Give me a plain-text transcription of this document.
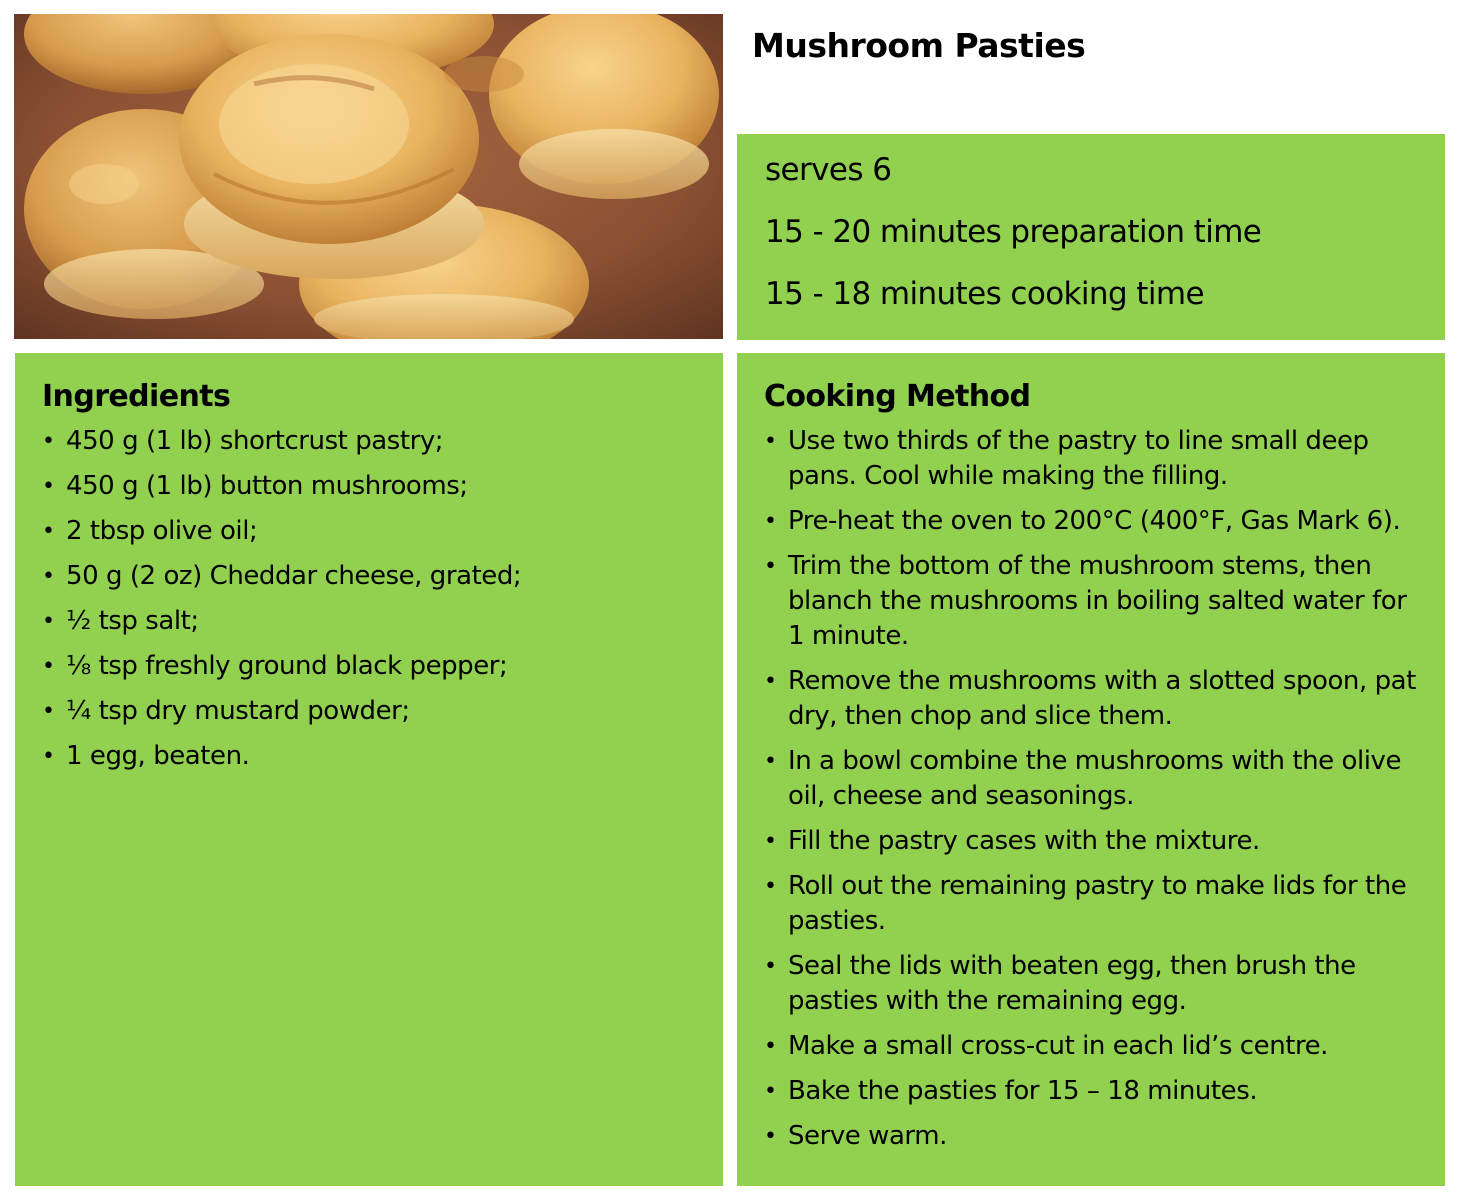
Mushroom Pasties

serves 6

15 - 20 minutes preparation time

15 - 18 minutes cooking time

Ingredients
• 450 g (1 lb) shortcrust pastry;
• 450 g (1 lb) button mushrooms;
• 2 tbsp olive oil;
• 50 g (2 oz) Cheddar cheese, grated;
• ½ tsp salt;
• ⅛ tsp freshly ground black pepper;
• ¼ tsp dry mustard powder;
• 1 egg, beaten.
Cooking Method
• Use two thirds of the pastry to line small deep pans. Cool while making the filling.
• Pre-heat the oven to 200°C (400°F, Gas Mark 6).
• Trim the bottom of the mushroom stems, then blanch the mushrooms in boiling salted water for 1 minute.
• Remove the mushrooms with a slotted spoon, pat dry, then chop and slice them.
• In a bowl combine the mushrooms with the olive oil, cheese and seasonings.
• Fill the pastry cases with the mixture.
• Roll out the remaining pastry to make lids for the pasties.
• Seal the lids with beaten egg, then brush the pasties with the remaining egg.
• Make a small cross-cut in each lid’s centre.
• Bake the pasties for 15 – 18 minutes.
• Serve warm.
